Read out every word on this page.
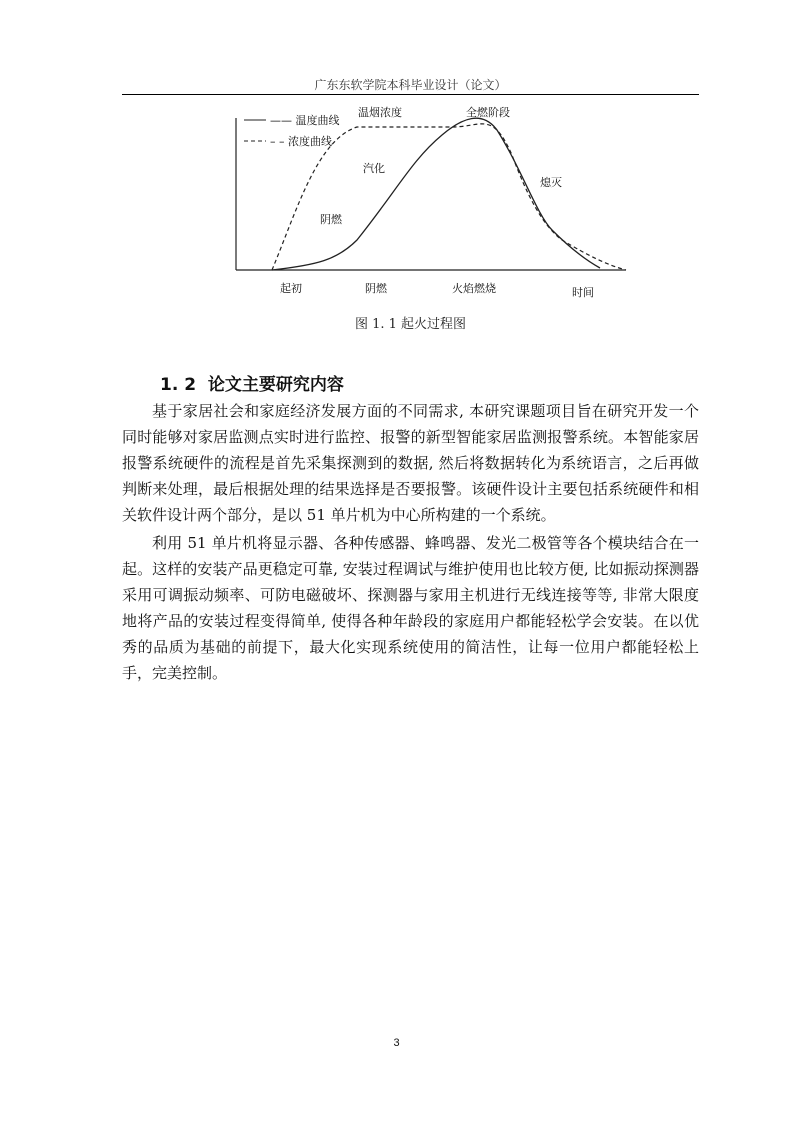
广东东软学院本科毕业设计（论文）
—— 温度曲线
– – 浓度曲线
温烟浓度	全燃阶段
汽化
阴燃
熄灭
起初	阴燃	火焰燃烧	时间
图 1. 1 起火过程图
1. 2 论文主要研究内容

基于家居社会和家庭经济发展方面的不同需求, 本研究课题项目旨在研究开发一个同时能够对家居监测点实时进行监控、报警的新型智能家居监测报警系统。本智能家居报警系统硬件的流程是首先采集探测到的数据, 然后将数据转化为系统语言，之后再做判断来处理，最后根据处理的结果选择是否要报警。该硬件设计主要包括系统硬件和相关软件设计两个部分，是以 51 单片机为中心所构建的一个系统。

利用 51 单片机将显示器、各种传感器、蜂鸣器、发光二极管等各个模块结合在一起。这样的安装产品更稳定可靠, 安装过程调试与维护使用也比较方便, 比如振动探测器采用可调振动频率、可防电磁破坏、探测器与家用主机进行无线连接等等, 非常大限度地将产品的安装过程变得简单, 使得各种年龄段的家庭用户都能轻松学会安装。在以优秀的品质为基础的前提下，最大化实现系统使用的简洁性，让每一位用户都能轻松上手，完美控制。

3
